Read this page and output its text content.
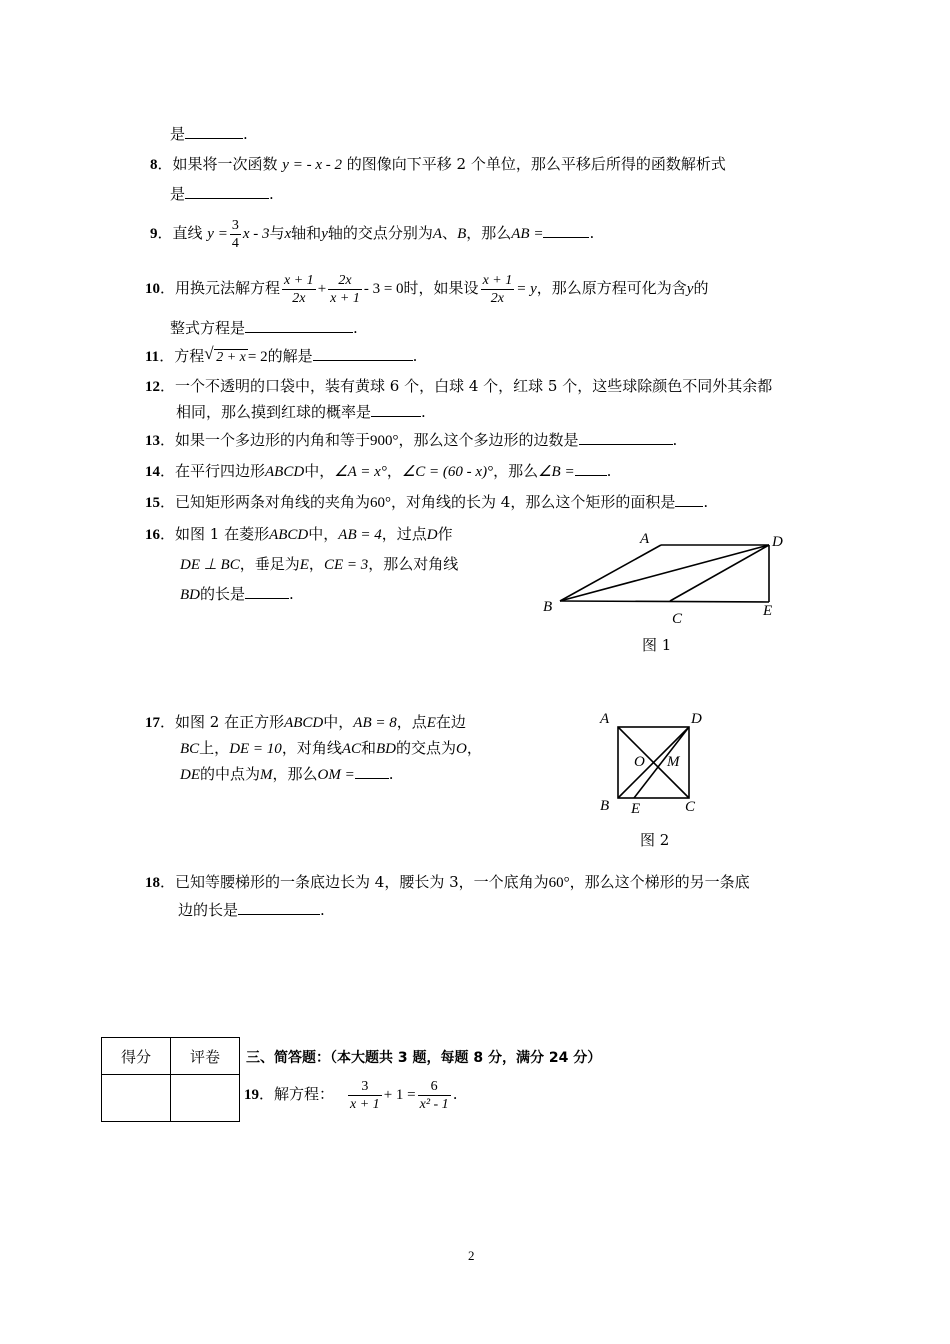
是	.
8．如果将一次函数 y = - x - 2 的图像向下平移 2 个单位，那么平移后所得的函数解析式
是	.
9．直线 $y = \frac{3}{4}$ x - 3与x轴和y轴的交点分别为A、B，那么AB =	.
10．用换元法解方程 $\frac{x + 1}{2x} + \frac{2x}{x + 1} - 3 = 0$时，如果设 $\frac{x + 1}{2x} = y$，那么原方程可化为含y的
整式方程是	.
11．方程 √ 2 + x = 2的解是	.
12．一个不透明的口袋中，装有黄球 6 个，白球 4 个，红球 5 个，这些球除颜色不同外其余都
相同，那么摸到红球的概率是	.
13．如果一个多边形的内角和等于900°，那么这个多边形的边数是	.
14．在平行四边形ABCD中，∠A = x°，∠C = (60 - x)°，那么∠B = .
15．已知矩形两条对角线的夹角为60°，对角线的长为 4，那么这个矩形的面积是 .
16．如图 1 在菱形ABCD中，AB = 4，过点D作
DE ⊥ BC，垂足为E，CE = 3，那么对角线
BD的长是	.
A
B
C
D
E
图 1
17．如图 2 在正方形ABCD中，AB = 8，点E在边
BC上，DE = 10，对角线AC和BD的交点为O，
DE的中点为M，那么OM = .
A	D
B E	C
O M
图 2
18．已知等腰梯形的一条底边长为 4，腰长为 3，一个底角为60°，那么这个梯形的另一条底
边的长是	.
得分	评卷
	三、简答题：（本大题共 3 题，每题 8 分，满分 24 分）
19．解方程： $\frac{3}{x + 1} + 1 = \frac{6}{\text{x² - 1}}$ .
2
